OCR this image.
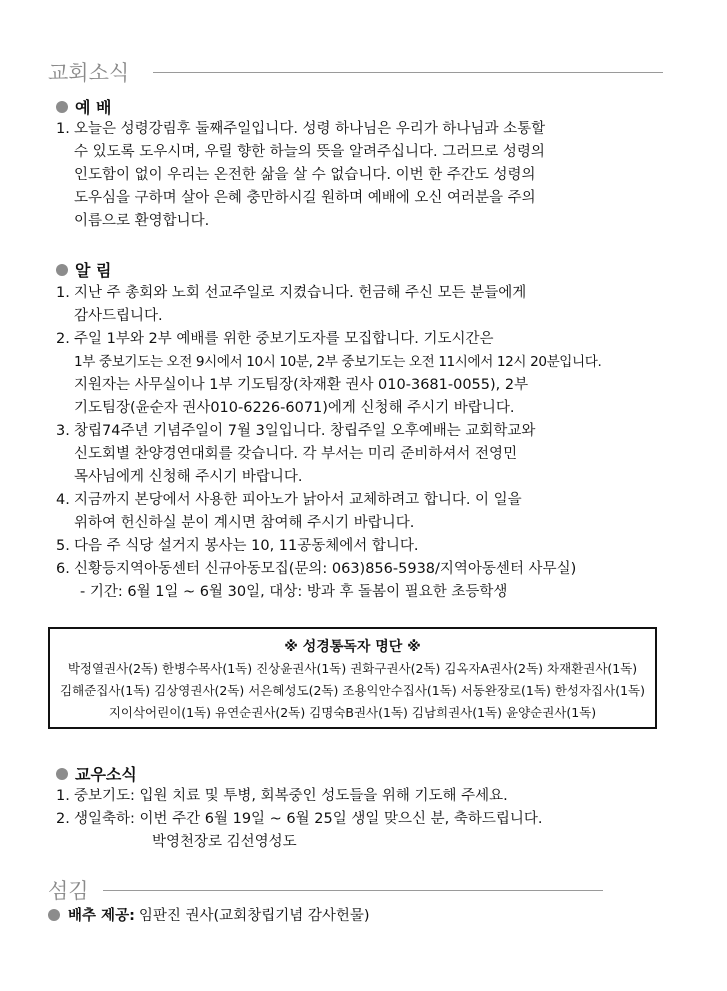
교회소식
예 배
1. 오늘은 성령강림후 둘째주일입니다. 성령 하나님은 우리가 하나님과 소통할
수 있도록 도우시며, 우릴 향한 하늘의 뜻을 알려주십니다. 그러므로 성령의
인도함이 없이 우리는 온전한 삶을 살 수 없습니다. 이번 한 주간도 성령의
도우심을 구하며 살아 은혜 충만하시길 원하며 예배에 오신 여러분을 주의
이름으로 환영합니다.
알 림
1. 지난 주 총회와 노회 선교주일로 지켰습니다. 헌금해 주신 모든 분들에게
감사드립니다.
2. 주일 1부와 2부 예배를 위한 중보기도자를 모집합니다. 기도시간은
1부 중보기도는 오전 9시에서 10시 10분, 2부 중보기도는 오전 11시에서 12시 20분입니다.
지원자는 사무실이나 1부 기도팀장(차재환 권사 010-3681-0055), 2부
기도팀장(윤순자 권사010-6226-6071)에게 신청해 주시기 바랍니다.
3. 창립74주년 기념주일이 7월 3일입니다. 창립주일 오후예배는 교회학교와
신도회별 찬양경연대회를 갖습니다. 각 부서는 미리 준비하셔서 전영민
목사님에게 신청해 주시기 바랍니다.
4. 지금까지 본당에서 사용한 피아노가 낡아서 교체하려고 합니다. 이 일을
위하여 헌신하실 분이 계시면 참여해 주시기 바랍니다.
5. 다음 주 식당 설거지 봉사는 10, 11공동체에서 합니다.
6. 신황등지역아동센터 신규아동모집(문의: 063)856-5938/지역아동센터 사무실)
- 기간: 6월 1일 ~ 6월 30일, 대상: 방과 후 돌봄이 필요한 초등학생
※ 성경통독자 명단 ※
박정열권사(2독) 한병수목사(1독) 진상윤권사(1독) 권화구권사(2독) 김옥자A권사(2독) 차재환권사(1독)
김해준집사(1독) 김상영권사(2독) 서은혜성도(2독) 조용익안수집사(1독) 서동완장로(1독) 한성자집사(1독)
지이삭어린이(1독) 유연순권사(2독) 김명숙B권사(1독) 김남희권사(1독) 윤양순권사(1독)
교우소식
1. 중보기도: 입원 치료 및 투병, 회복중인 성도들을 위해 기도해 주세요.
2. 생일축하: 이번 주간 6월 19일 ~ 6월 25일 생일 맞으신 분, 축하드립니다.
박영천장로 김선영성도
섬김
배추 제공: 임판진 권사(교회창립기념 감사헌물)
